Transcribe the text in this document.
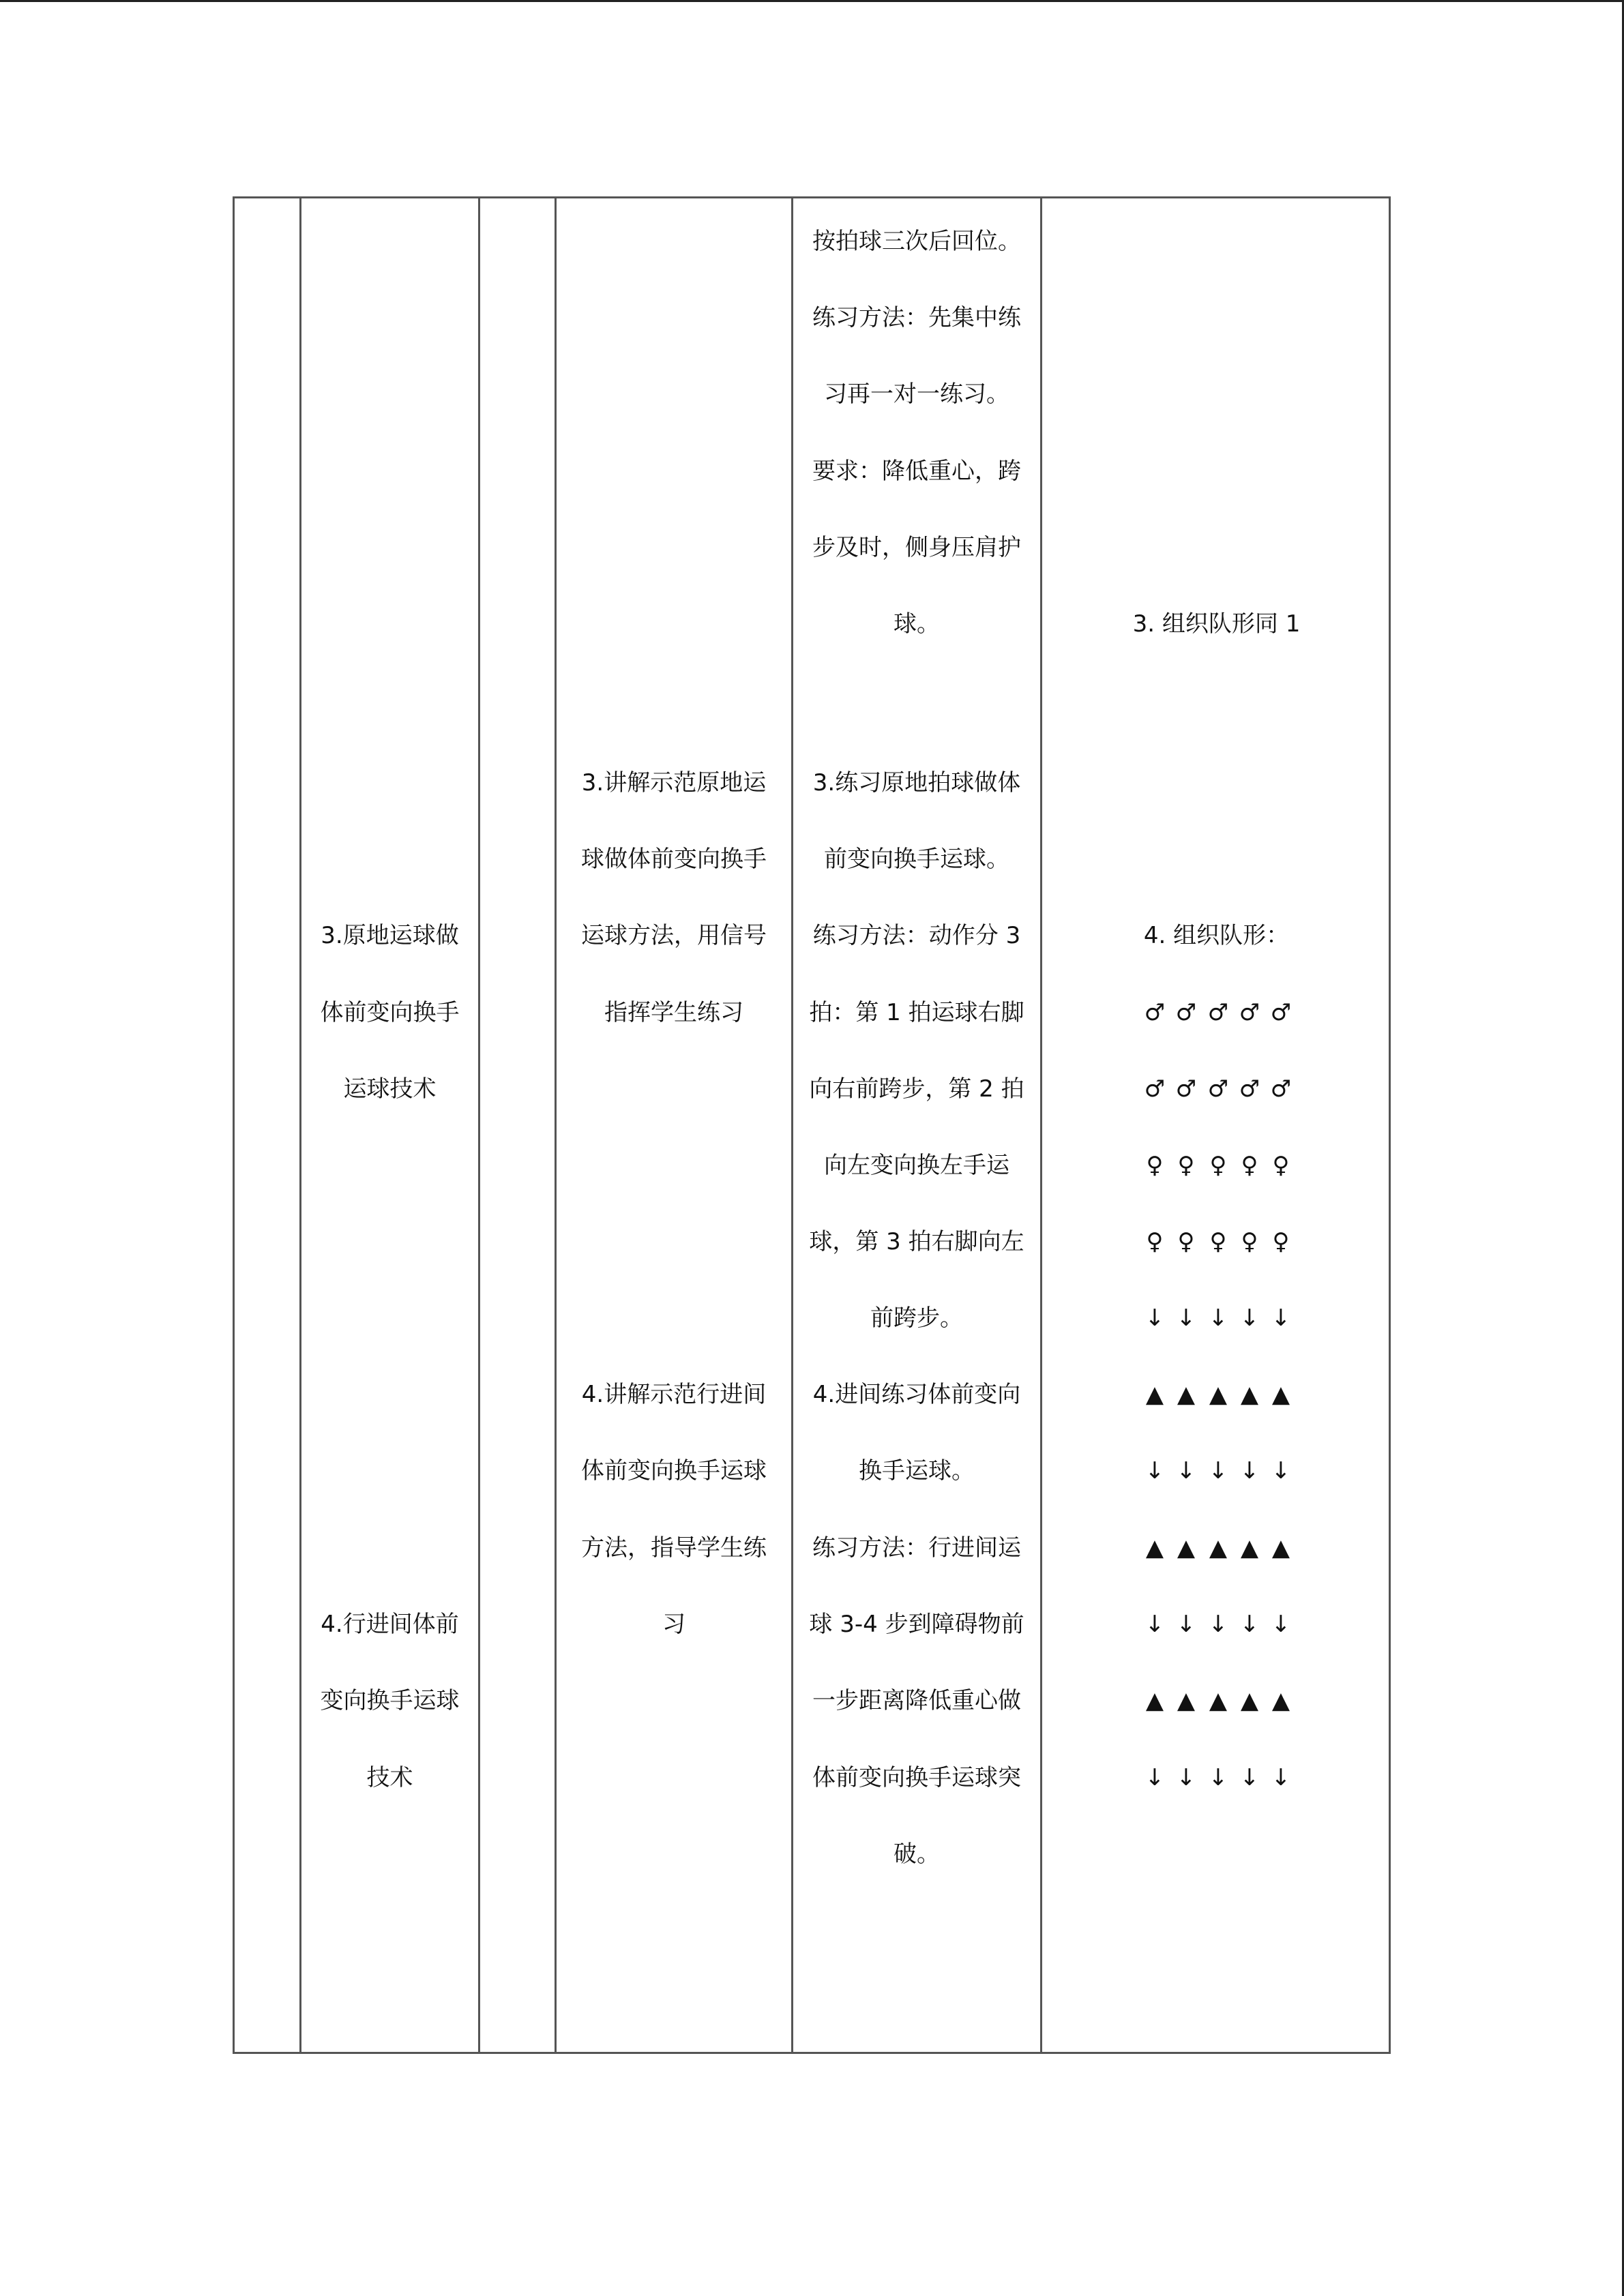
3.原地运球做
体前变向换手
运球技术
4.行进间体前
变向换手运球
技术
3.讲解示范原地运
球做体前变向换手
运球方法，用信号
指挥学生练习
4.讲解示范行进间
体前变向换手运球
方法，指导学生练
习
按拍球三次后回位。
练习方法：先集中练
习再一对一练习。
要求：降低重心，跨
步及时，侧身压肩护
球。
3.练习原地拍球做体
前变向换手运球。
练习方法：动作分 3
拍：第 1 拍运球右脚
向右前跨步，第 2 拍
向左变向换左手运
球，第 3 拍右脚向左
前跨步。
4.进间练习体前变向
换手运球。
练习方法：行进间运
球 3-4 步到障碍物前
一步距离降低重心做
体前变向换手运球突
破。
3. 组织队形同 1
4. 组织队形：
♂ ♂ ♂ ♂ ♂
♂ ♂ ♂ ♂ ♂
♀ ♀ ♀ ♀ ♀
♀ ♀ ♀ ♀ ♀
↓ ↓ ↓ ↓ ↓
▲ ▲ ▲ ▲ ▲
↓ ↓ ↓ ↓ ↓
▲ ▲ ▲ ▲ ▲
↓ ↓ ↓ ↓ ↓
▲ ▲ ▲ ▲ ▲
↓ ↓ ↓ ↓ ↓
